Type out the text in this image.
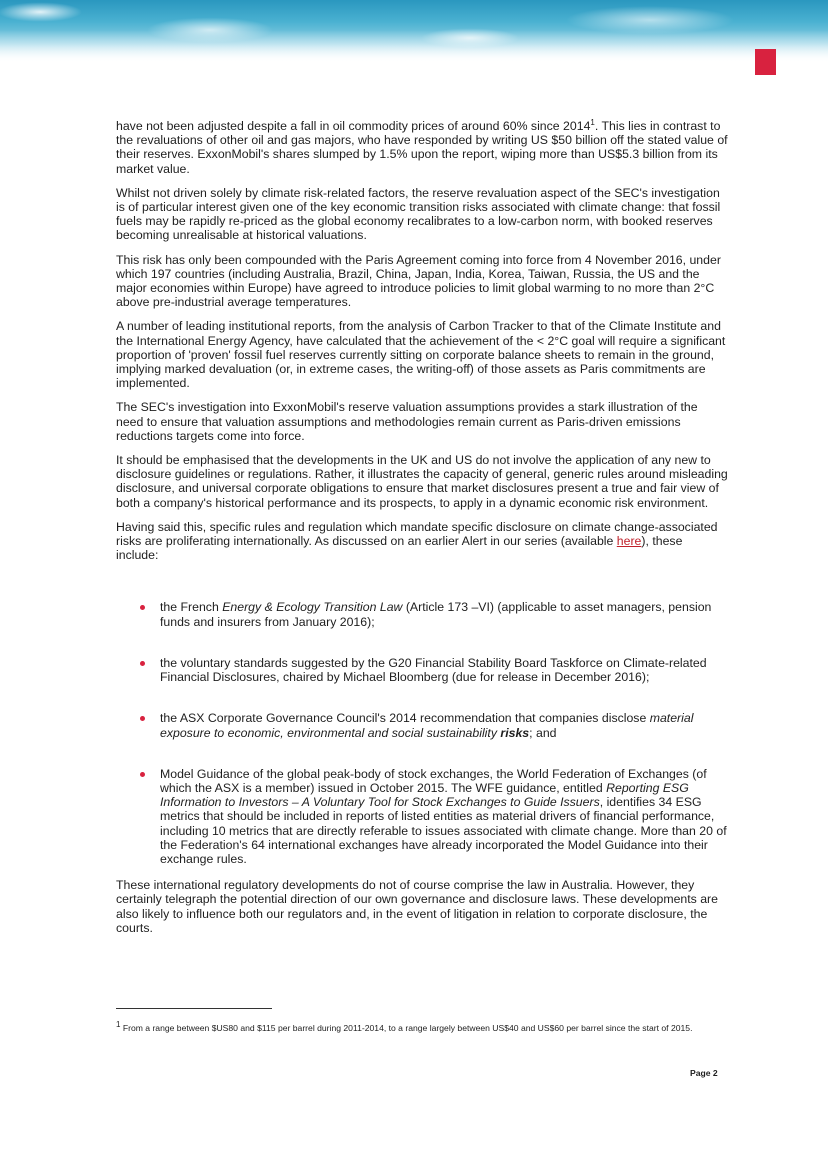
have not been adjusted despite a fall in oil commodity prices of around 60% since 2014$^1$. This lies in contrast to the revaluations of other oil and gas majors, who have responded by writing US $50 billion off the stated value of their reserves. ExxonMobil's shares slumped by 1.5% upon the report, wiping more than US$5.3 billion from its market value.

Whilst not driven solely by climate risk-related factors, the reserve revaluation aspect of the SEC's investigation is of particular interest given one of the key economic transition risks associated with climate change: that fossil fuels may be rapidly re-priced as the global economy recalibrates to a low-carbon norm, with booked reserves becoming unrealisable at historical valuations.

This risk has only been compounded with the Paris Agreement coming into force from 4 November 2016, under which 197 countries (including Australia, Brazil, China, Japan, India, Korea, Taiwan, Russia, the US and the major economies within Europe) have agreed to introduce policies to limit global warming to no more than 2°C above pre-industrial average temperatures.

A number of leading institutional reports, from the analysis of Carbon Tracker to that of the Climate Institute and the International Energy Agency, have calculated that the achievement of the < 2°C goal will require a significant proportion of 'proven' fossil fuel reserves currently sitting on corporate balance sheets to remain in the ground, implying marked devaluation (or, in extreme cases, the writing-off) of those assets as Paris commitments are implemented.

The SEC's investigation into ExxonMobil's reserve valuation assumptions provides a stark illustration of the need to ensure that valuation assumptions and methodologies remain current as Paris-driven emissions reductions targets come into force.

It should be emphasised that the developments in the UK and US do not involve the application of any new to disclosure guidelines or regulations. Rather, it illustrates the capacity of general, generic rules around misleading disclosure, and universal corporate obligations to ensure that market disclosures present a true and fair view of both a company's historical performance and its prospects, to apply in a dynamic economic risk environment.

Having said this, specific rules and regulation which mandate specific disclosure on climate change-associated risks are proliferating internationally. As discussed on an earlier Alert in our series (available here), these include:

the French Energy & Ecology Transition Law (Article 173 –VI) (applicable to asset managers, pension funds and insurers from January 2016);
the voluntary standards suggested by the G20 Financial Stability Board Taskforce on Climate-related Financial Disclosures, chaired by Michael Bloomberg (due for release in December 2016);
the ASX Corporate Governance Council's 2014 recommendation that companies disclose material exposure to economic, environmental and social sustainability risks; and
Model Guidance of the global peak-body of stock exchanges, the World Federation of Exchanges (of which the ASX is a member) issued in October 2015. The WFE guidance, entitled Reporting ESG Information to Investors – A Voluntary Tool for Stock Exchanges to Guide Issuers, identifies 34 ESG metrics that should be included in reports of listed entities as material drivers of financial performance, including 10 metrics that are directly referable to issues associated with climate change. More than 20 of the Federation's 64 international exchanges have already incorporated the Model Guidance into their exchange rules.

These international regulatory developments do not of course comprise the law in Australia. However, they certainly telegraph the potential direction of our own governance and disclosure laws. These developments are also likely to influence both our regulators and, in the event of litigation in relation to corporate disclosure, the courts.

$^1$ From a range between $US80 and $115 per barrel during 2011-2014, to a range largely between US$40 and US$60 per barrel since the start of 2015.
Page 2
